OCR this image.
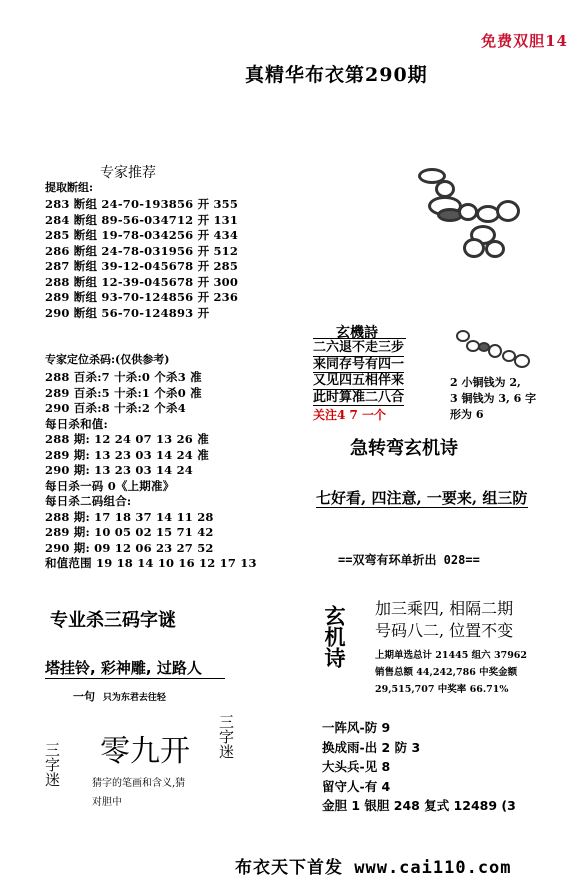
免费双胆14
真精华布衣第290期
专家推荐
提取断组:
283 断组 24-70-193856 开 355
284 断组 89-56-034712 开 131
285 断组 19-78-034256 开 434
286 断组 24-78-031956 开 512
287 断组 39-12-045678 开 285
288 断组 12-39-045678 开 300
289 断组 93-70-124856 开 236
290 断组 56-70-124893 开
专家定位杀码:(仅供参考)
288 百杀:7 十杀:0 个杀3 准
289 百杀:5 十杀:1 个杀0 准
290 百杀:8 十杀:2 个杀4
每日杀和值:
288 期: 12 24 07 13 26 准
289 期: 13 23 03 14 24 准
290 期: 13 23 03 14 24
每日杀一码 0《上期准》
每日杀二码组合:
288 期: 17 18 37 14 11 28
289 期: 10 05 02 15 71 42
290 期: 09 12 06 23 27 52
和值范围 19 18 14 10 16 12 17 13
专业杀三码字谜
塔挂铃, 彩神雕, 过路人
一句 只为东君去往轻
三字迷
三字迷
零九开
猜字的笔画和含义,猜
对胆中
玄機詩
二六退不走三步
来同存号有四一
又见四五相伴来
此时算准二八合
关注4 7 一个
2 小铜钱为 2,
3 铜钱为 3, 6 字
形为 6
急转弯玄机诗
七好看, 四注意, 一要来, 组三防
==双弯有环单折出 028==
玄机诗 加三乘四, 相隔二期
号码八二, 位置不变
上期单选总计 21445 组六 37962
销售总额 44,242,786 中奖金额
29,515,707 中奖率 66.71%
一阵风-防 9
换成雨-出 2 防 3
大头兵-见 8
留守人-有 4
金胆 1 银胆 248 复式 12489 (3
布衣天下首发 www.cai110.com
